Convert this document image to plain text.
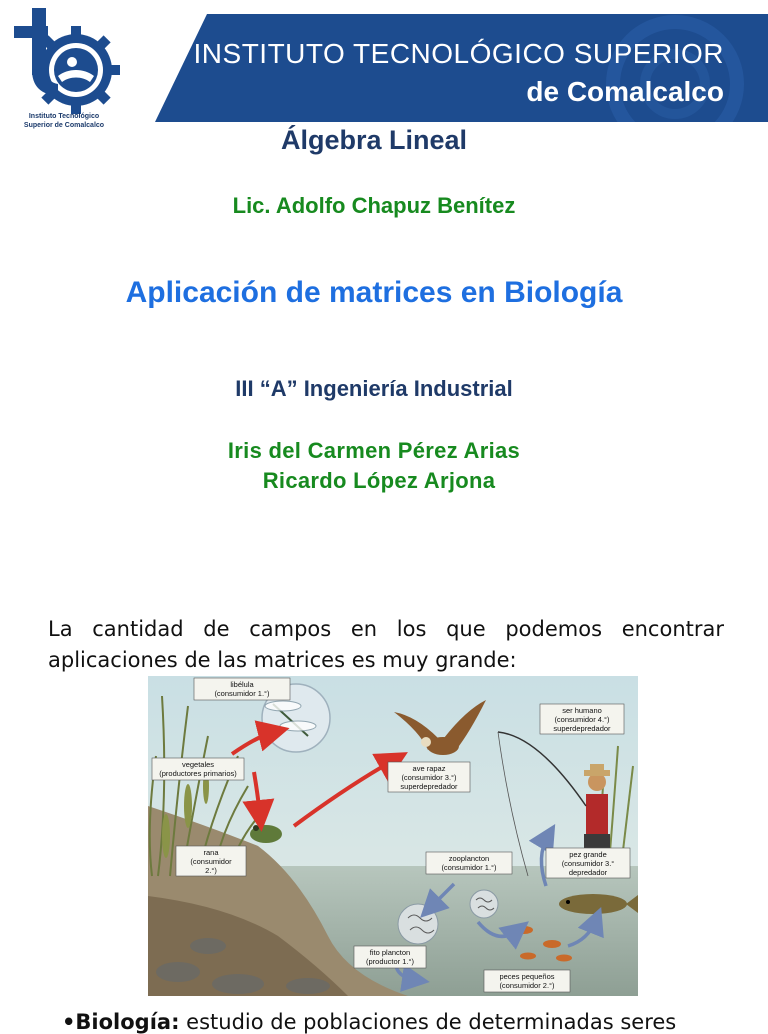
Instituto Tecnológico
Superior de Comalcalco
INSTITUTO TECNOLÓGICO SUPERIOR
de Comalcalco
Álgebra Lineal
Lic. Adolfo Chapuz Benítez
Aplicación de matrices en Biología
III “A” Ingeniería Industrial
Iris del Carmen Pérez Arias
Ricardo López Arjona
La cantidad de campos en los que podemos encontrar
aplicaciones de las matrices es muy grande:
libélula
(consumidor 1.°)
vegetales
(productores primarios)
ave rapaz
(consumidor 3.°)
superdepredador
ser humano
(consumidor 4.°)
superdepredador
rana
(consumidor
2.°)
zooplancton
(consumidor 1.°)
pez grande
(consumidor 3.°
depredador
fito plancton
(productor 1.°)
peces pequeños
(consumidor 2.°)
•Biología: estudio de poblaciones de determinadas seres
